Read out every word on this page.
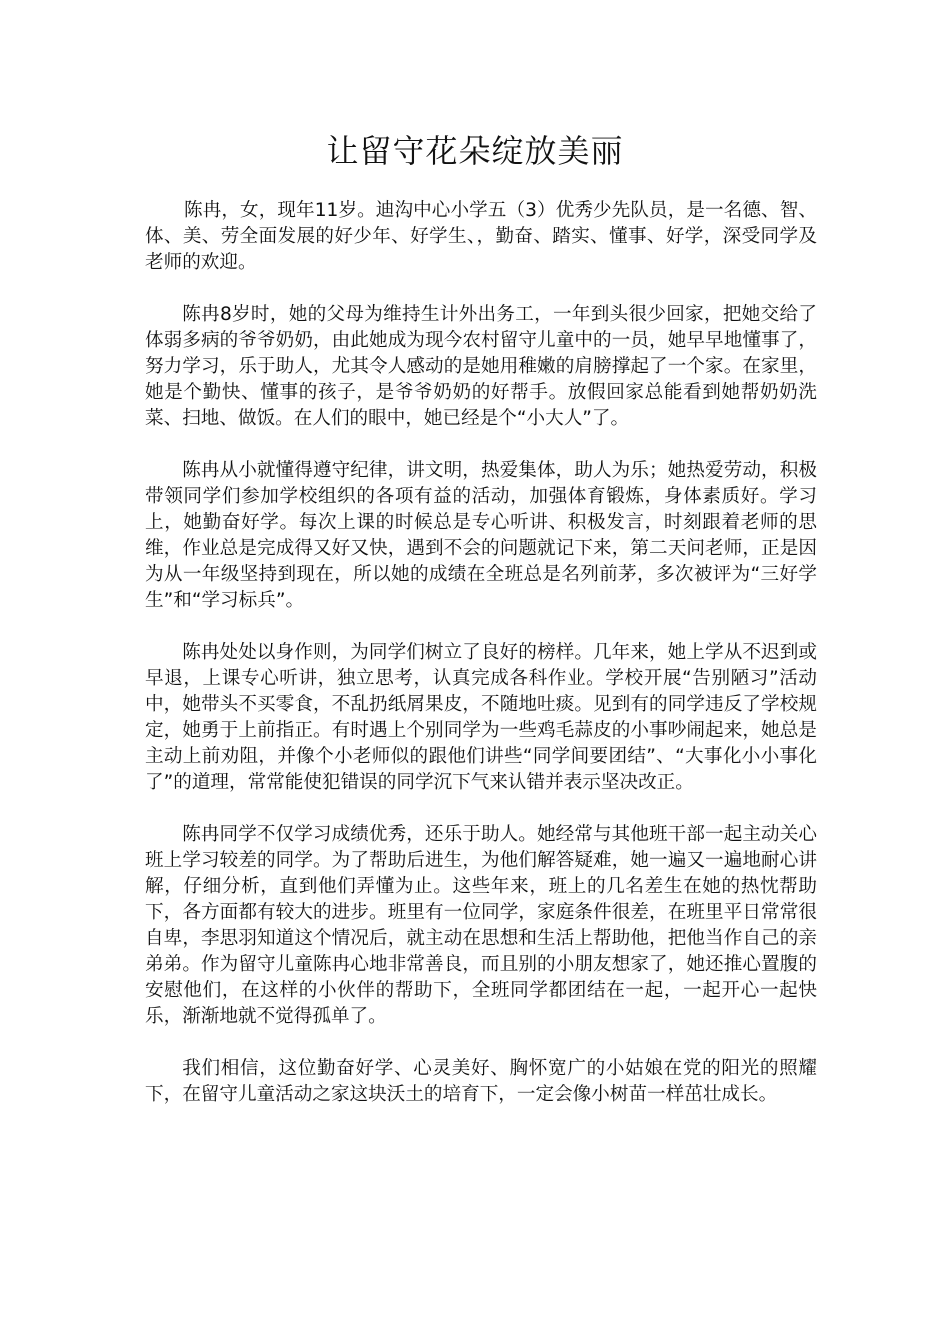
让留守花朵绽放美丽

陈冉，女，现年11岁。迪沟中心小学五（3）优秀少先队员，是一名德、智、体、美、劳全面发展的好少年、好学生、，勤奋、踏实、懂事、好学，深受同学及老师的欢迎。

陈冉8岁时，她的父母为维持生计外出务工，一年到头很少回家，把她交给了体弱多病的爷爷奶奶，由此她成为现今农村留守儿童中的一员，她早早地懂事了，努力学习，乐于助人，尤其令人感动的是她用稚嫩的肩膀撑起了一个家。在家里，她是个勤快、懂事的孩子，是爷爷奶奶的好帮手。放假回家总能看到她帮奶奶洗菜、扫地、做饭。在人们的眼中，她已经是个“小大人”了。

陈冉从小就懂得遵守纪律，讲文明，热爱集体，助人为乐；她热爱劳动，积极带领同学们参加学校组织的各项有益的活动，加强体育锻炼，身体素质好。学习上，她勤奋好学。每次上课的时候总是专心听讲、积极发言，时刻跟着老师的思维，作业总是完成得又好又快，遇到不会的问题就记下来，第二天问老师，正是因为从一年级坚持到现在，所以她的成绩在全班总是名列前茅，多次被评为“三好学生”和“学习标兵”。

陈冉处处以身作则，为同学们树立了良好的榜样。几年来，她上学从不迟到或早退，上课专心听讲，独立思考，认真完成各科作业。学校开展“告别陋习”活动中，她带头不买零食，不乱扔纸屑果皮，不随地吐痰。见到有的同学违反了学校规定，她勇于上前指正。有时遇上个别同学为一些鸡毛蒜皮的小事吵闹起来，她总是主动上前劝阻，并像个小老师似的跟他们讲些“同学间要团结”、“大事化小小事化了”的道理，常常能使犯错误的同学沉下气来认错并表示坚决改正。

陈冉同学不仅学习成绩优秀，还乐于助人。她经常与其他班干部一起主动关心班上学习较差的同学。为了帮助后进生，为他们解答疑难，她一遍又一遍地耐心讲解，仔细分析，直到他们弄懂为止。这些年来，班上的几名差生在她的热忱帮助下，各方面都有较大的进步。班里有一位同学，家庭条件很差，在班里平日常常很自卑，李思羽知道这个情况后，就主动在思想和生活上帮助他，把他当作自己的亲弟弟。作为留守儿童陈冉心地非常善良，而且别的小朋友想家了，她还推心置腹的安慰他们，在这样的小伙伴的帮助下，全班同学都团结在一起，一起开心一起快乐，渐渐地就不觉得孤单了。

我们相信，这位勤奋好学、心灵美好、胸怀宽广的小姑娘在党的阳光的照耀下，在留守儿童活动之家这块沃土的培育下，一定会像小树苗一样茁壮成长。
